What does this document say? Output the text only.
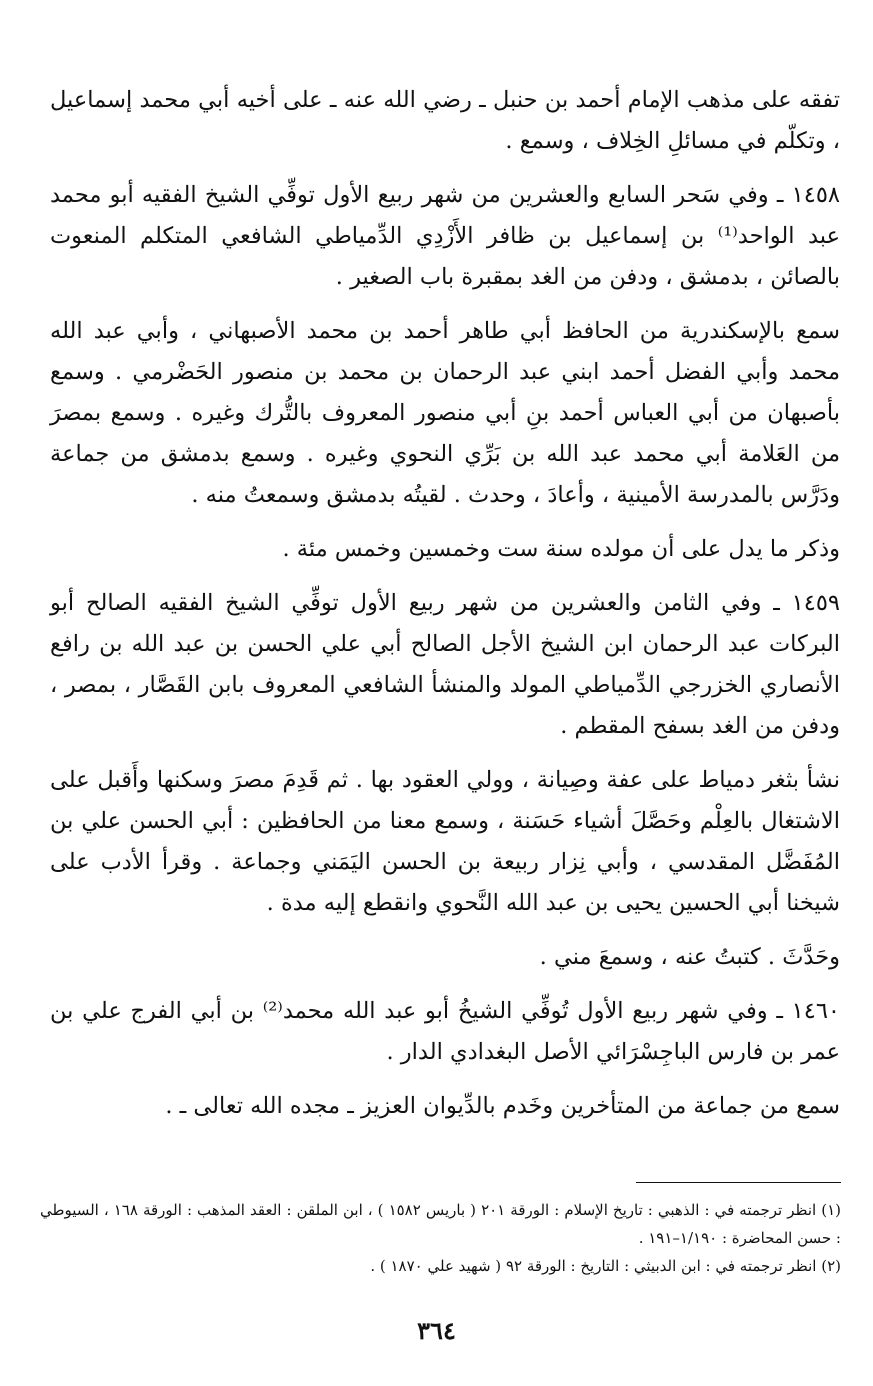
تفقه على مذهب الإمام أحمد بن حنبل ـ رضي الله عنه ـ على أخيه أبي محمد إسماعيل ، وتكلّم في مسائلِ الخِلاف ، وسمع .

١٤٥٨ ـ وفي سَحر السابع والعشرين من شهر ربيع الأول توفِّي الشيخ الفقيه أبو محمد عبد الواحد⁽¹⁾ بن إسماعيل بن ظافر الأَزْدِي الدِّمياطي الشافعي المتكلم المنعوت بالصائن ، بدمشق ، ودفن من الغد بمقبرة باب الصغير .

سمع بالإسكندرية من الحافظ أبي طاهر أحمد بن محمد الأصبهاني ، وأبي عبد الله محمد وأبي الفضل أحمد ابني عبد الرحمان بن محمد بن منصور الحَضْرمي . وسمع بأصبهان من أبي العباس أحمد بنِ أبي منصور المعروف بالتُّرك وغيره . وسمع بمصرَ من العَلامة أبي محمد عبد الله بن بَرِّي النحوي وغيره . وسمع بدمشق من جماعة ودَرَّس بالمدرسة الأمينية ، وأعادَ ، وحدث . لقيتُه بدمشق وسمعتُ منه .

وذكر ما يدل على أن مولده سنة ست وخمسين وخمس مئة .

١٤٥٩ ـ وفي الثامن والعشرين من شهر ربيع الأول توفِّي الشيخ الفقيه الصالح أبو البركات عبد الرحمان ابن الشيخ الأجل الصالح أبي علي الحسن بن عبد الله بن رافع الأنصاري الخزرجي الدِّمياطي المولد والمنشأ الشافعي المعروف بابن القَصَّار ، بمصر ، ودفن من الغد بسفح المقطم .

نشأ بثغر دمياط على عفة وصِيانة ، وولي العقود بها . ثم قَدِمَ مصرَ وسكنها وأَقبل على الاشتغال بالعِلْم وحَصَّلَ أشياء حَسَنة ، وسمع معنا من الحافظين : أبي الحسن علي بن المُفَضَّل المقدسي ، وأبي نِزار ربيعة بن الحسن اليَمَني وجماعة . وقرأ الأدب على شيخنا أبي الحسين يحيى بن عبد الله النَّحوي وانقطع إليه مدة .

وحَدَّثَ . كتبتُ عنه ، وسمعَ مني .

١٤٦٠ ـ وفي شهر ربيع الأول تُوفِّي الشيخُ أبو عبد الله محمد⁽²⁾ بن أبي الفرج علي بن عمر بن فارس الباجِسْرَائي الأصل البغدادي الدار .

سمع من جماعة من المتأخرين وخَدم بالدِّيوان العزيز ـ مجده الله تعالى ـ .

(١) انظر ترجمته في : الذهبي : تاريخ الإسلام : الورقة ٢٠١ ( باريس ١٥٨٢ ) ، ابن الملقن : العقد المذهب : الورقة ١٦٨ ، السيوطي : حسن المحاضرة : ١/١٩٠–١٩١ .
(٢) انظر ترجمته في : ابن الدبيثي : التاريخ : الورقة ٩٢ ( شهيد علي ١٨٧٠ ) .
٣٦٤
